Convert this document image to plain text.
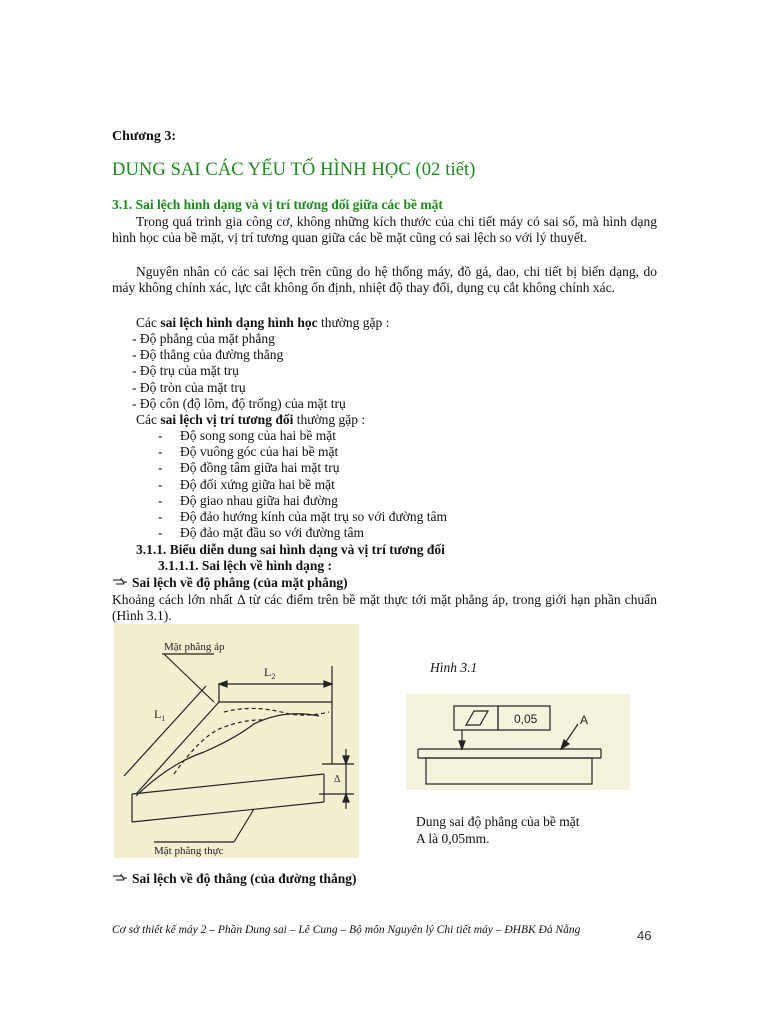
Chương 3:
DUNG SAI CÁC YẾU TỐ HÌNH HỌC (02 tiết)
3.1. Sai lệch hình dạng và vị trí tương đối giữa các bề mặt
Trong quá trình gia công cơ, không những kích thước của chi tiết máy có sai số, mà hình dạng hình học của bề mặt, vị trí tương quan giữa các bề mặt cũng có sai lệch so với lý thuyết.
Nguyên nhân có các sai lệch trên cũng do hệ thống máy, đồ gá, dao, chi tiết bị biến dạng, do máy không chính xác, lực cắt không ổn định, nhiệt độ thay đổi, dụng cụ cắt không chính xác.
Các sai lệch hình dạng hình học thường gặp :
- Độ phẳng của mặt phẳng
- Độ thẳng của đường thẳng
- Độ trụ của mặt trụ
- Độ tròn của mặt trụ
- Độ côn (độ lõm, độ trống) của mặt trụ
Các sai lệch vị trí tương đối thường gặp :
- Độ song song của hai bề mặt
- Độ vuông góc của hai bề mặt
- Độ đồng tâm giữa hai mặt trụ
- Độ đối xứng giữa hai bề mặt
- Độ giao nhau giữa hai đường
- Độ đảo hướng kính của mặt trụ so với đường tâm
- Độ đảo mặt đầu so với đường tâm
3.1.1. Biểu diễn dung sai hình dạng và vị trí tương đối
3.1.1.1. Sai lệch về hình dạng :
Sai lệch về độ phẳng (của mặt phẳng)
Khoảng cách lớn nhất Δ từ các điểm trên bề mặt thực tới mặt phẳng áp, trong giới hạn phần chuẩn (Hình 3.1).
Mặt phẳng áp
Mặt phẳng thực
$L_2$
$L_1$
Δ
Hình 3.1
0,05	A
Dung sai độ phẳng của bề mặt
A là 0,05mm.
Sai lệch về độ thẳng (của đường thẳng)
Cơ sở thiết kế máy 2 – Phần Dung sai – Lê Cung – Bộ môn Nguyên lý Chi tiết máy – ĐHBK Đà Nẵng	46
